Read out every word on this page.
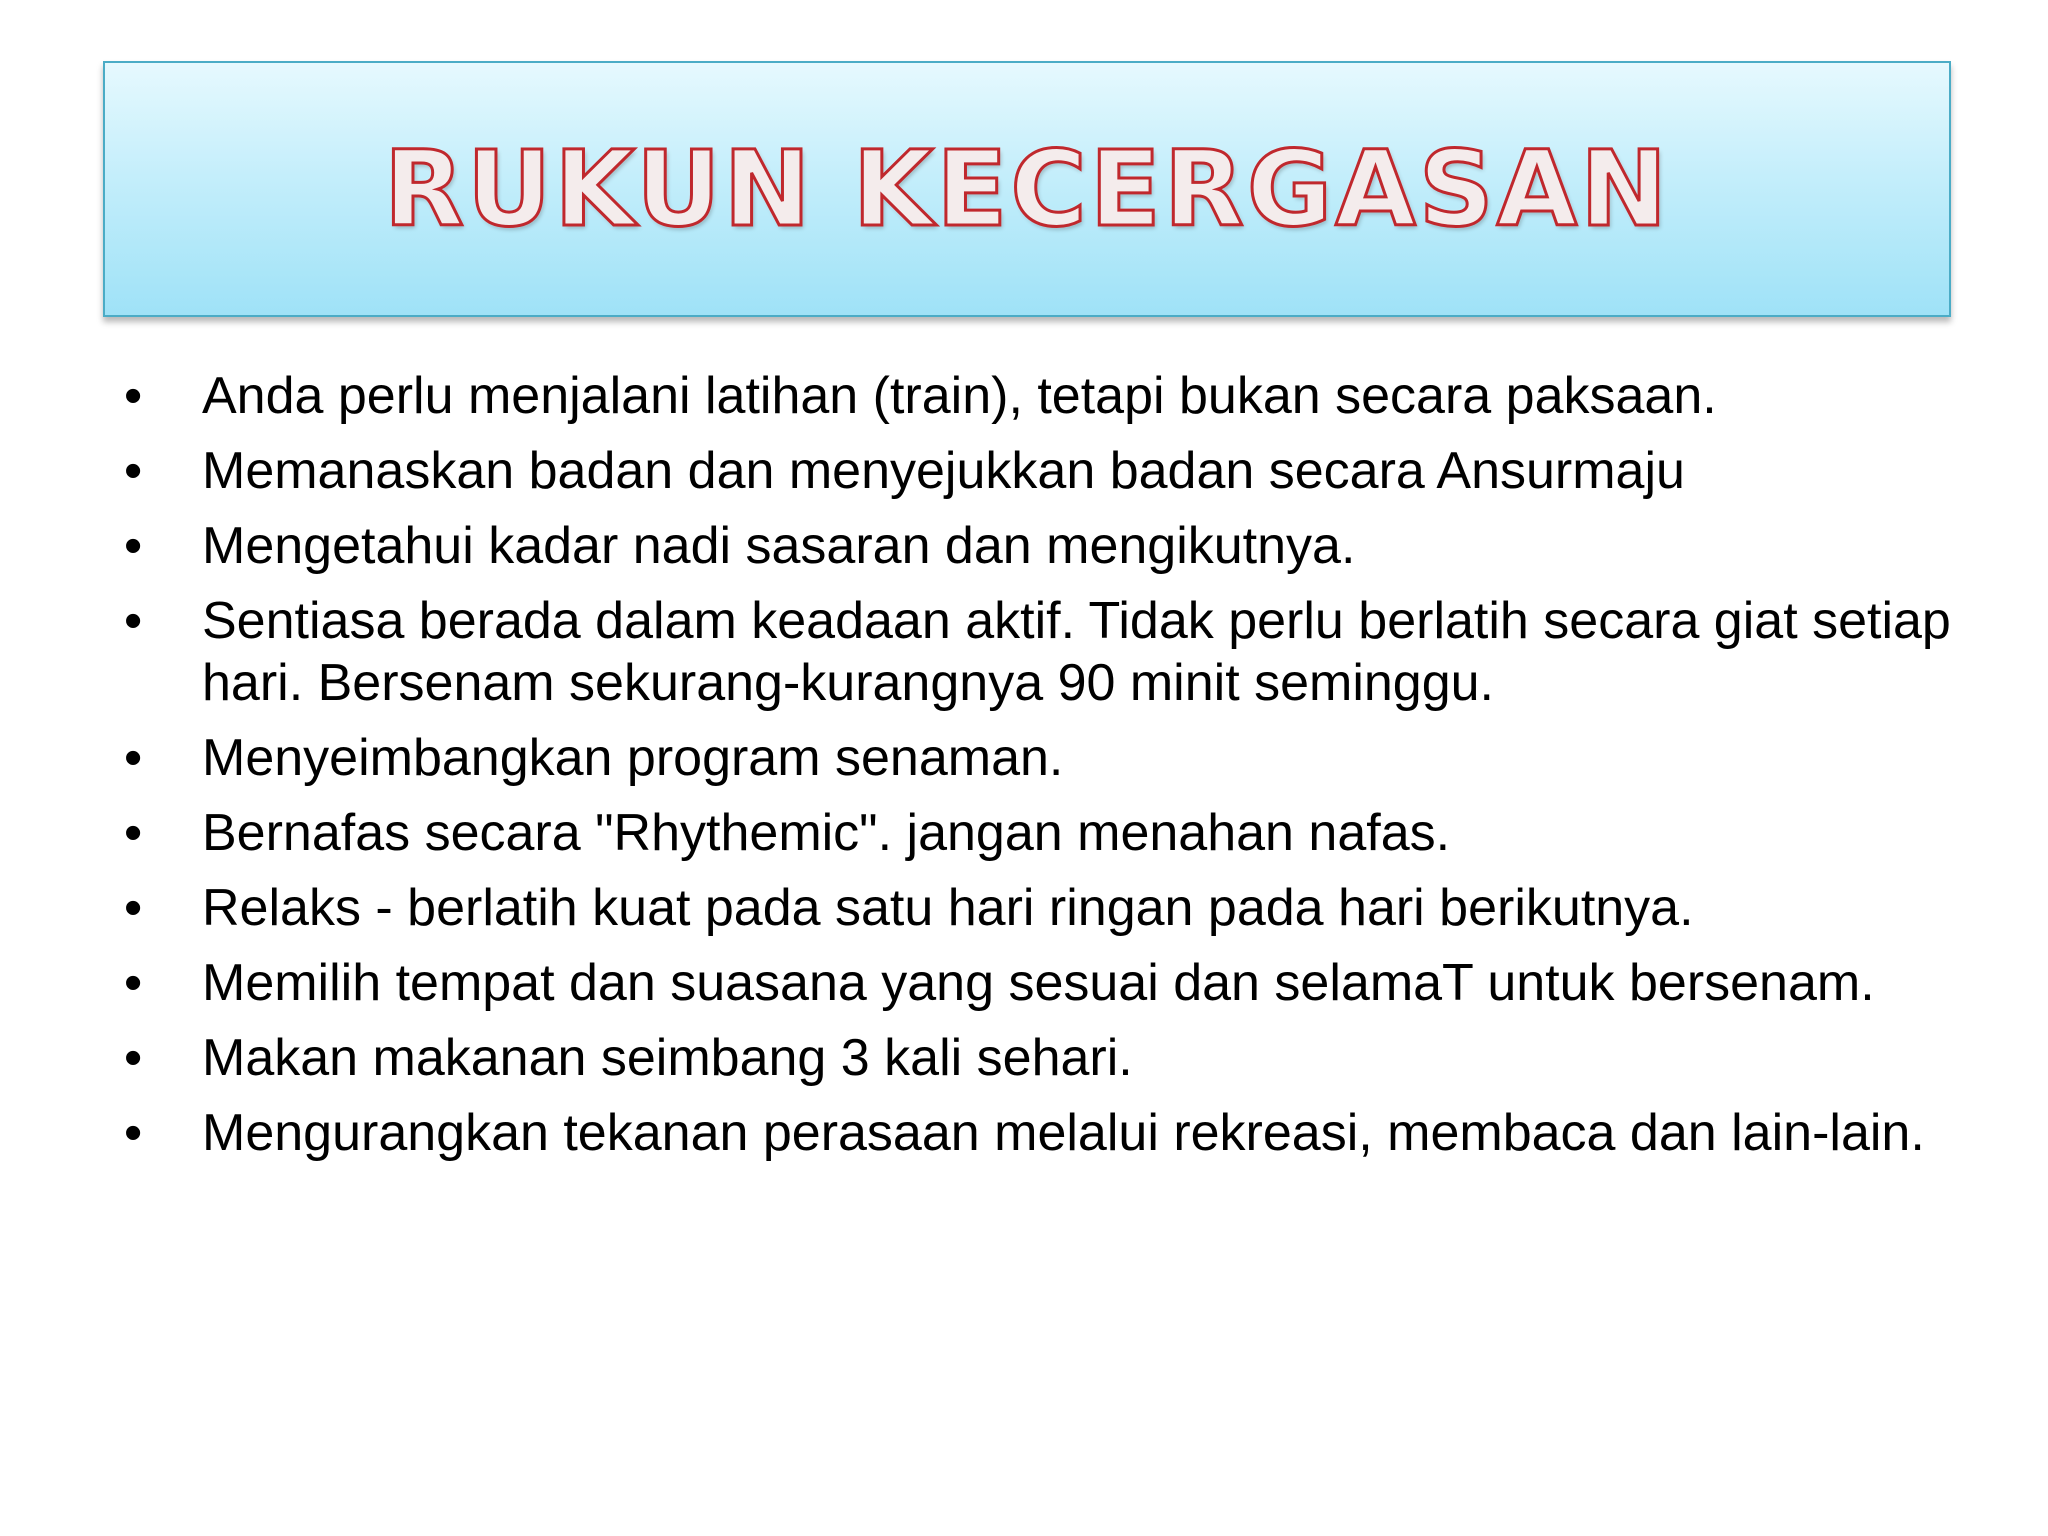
RUKUN KECERGASAN
• Anda perlu menjalani latihan (train), tetapi bukan secara paksaan.
• Memanaskan badan dan menyejukkan badan secara Ansurmaju
• Mengetahui kadar nadi sasaran dan mengikutnya.
• Sentiasa berada dalam keadaan aktif. Tidak perlu berlatih secara giat setiap hari. Bersenam sekurang-kurangnya 90 minit seminggu.
• Menyeimbangkan program senaman.
• Bernafas secara "Rhythemic". jangan menahan nafas.
• Relaks - berlatih kuat pada satu hari ringan pada hari berikutnya.
• Memilih tempat dan suasana yang sesuai dan selamaT untuk bersenam.
• Makan makanan seimbang 3 kali sehari.
• Mengurangkan tekanan perasaan melalui rekreasi, membaca dan lain-lain.
